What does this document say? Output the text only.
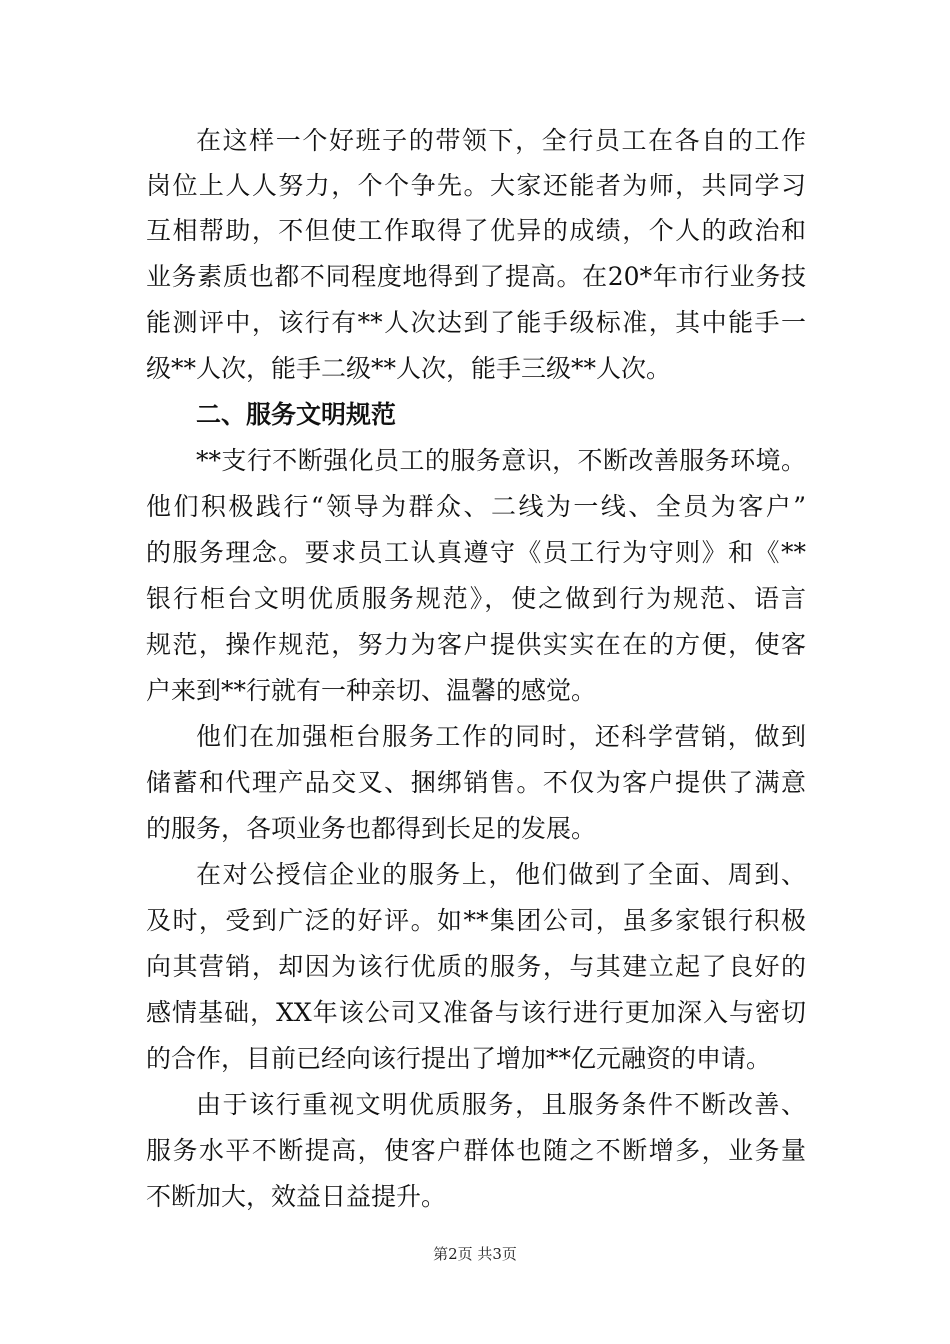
在这样一个好班子的带领下，全行员工在各自的工作
岗位上人人努力，个个争先。大家还能者为师，共同学习
互相帮助，不但使工作取得了优异的成绩，个人的政治和
业务素质也都不同程度地得到了提高。在20*年市行业务技
能测评中，该行有**人次达到了能手级标准，其中能手一
级**人次，能手二级**人次，能手三级**人次。
二、服务文明规范
**支行不断强化员工的服务意识，不断改善服务环境。
他们积极践行“领导为群众、二线为一线、全员为客户”
的服务理念。要求员工认真遵守《员工行为守则》和《**
银行柜台文明优质服务规范》，使之做到行为规范、语言
规范，操作规范，努力为客户提供实实在在的方便，使客
户来到**行就有一种亲切、温馨的感觉。
他们在加强柜台服务工作的同时，还科学营销，做到
储蓄和代理产品交叉、捆绑销售。不仅为客户提供了满意
的服务，各项业务也都得到长足的发展。
在对公授信企业的服务上，他们做到了全面、周到、
及时，受到广泛的好评。如**集团公司，虽多家银行积极
向其营销，却因为该行优质的服务，与其建立起了良好的
感情基础，XX年该公司又准备与该行进行更加深入与密切
的合作，目前已经向该行提出了增加**亿元融资的申请。
由于该行重视文明优质服务，且服务条件不断改善、
服务水平不断提高，使客户群体也随之不断增多，业务量
不断加大，效益日益提升。
第2页 共3页
